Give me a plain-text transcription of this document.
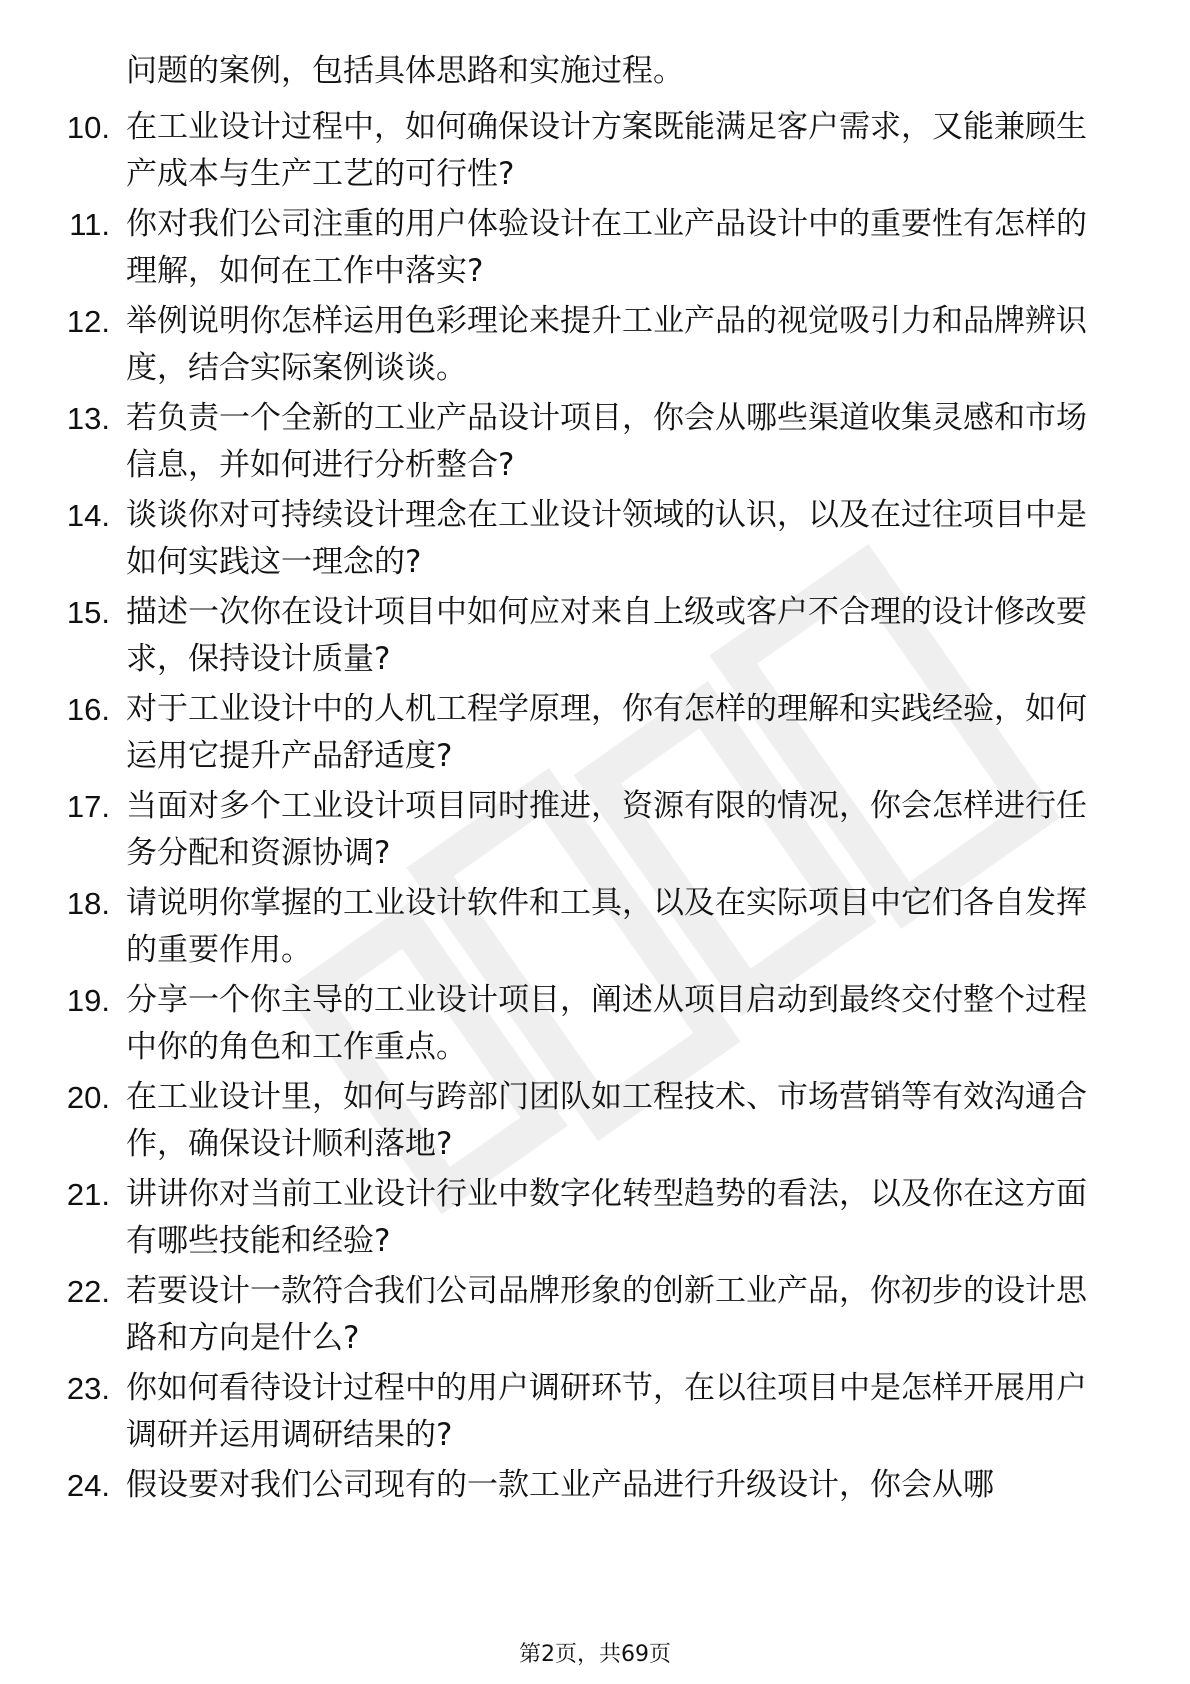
问题的案例，包括具体思路和实施过程。

10. 在工业设计过程中，如何确保设计方案既能满足客户需求，又能兼顾生产成本与生产工艺的可行性?

11. 你对我们公司注重的用户体验设计在工业产品设计中的重要性有怎样的理解，如何在工作中落实?

12. 举例说明你怎样运用色彩理论来提升工业产品的视觉吸引力和品牌辨识度，结合实际案例谈谈。

13. 若负责一个全新的工业产品设计项目，你会从哪些渠道收集灵感和市场信息，并如何进行分析整合?

14. 谈谈你对可持续设计理念在工业设计领域的认识，以及在过往项目中是如何实践这一理念的?

15. 描述一次你在设计项目中如何应对来自上级或客户不合理的设计修改要求，保持设计质量?

16. 对于工业设计中的人机工程学原理，你有怎样的理解和实践经验，如何运用它提升产品舒适度?

17. 当面对多个工业设计项目同时推进，资源有限的情况，你会怎样进行任务分配和资源协调?

18. 请说明你掌握的工业设计软件和工具，以及在实际项目中它们各自发挥的重要作用。

19. 分享一个你主导的工业设计项目，阐述从项目启动到最终交付整个过程中你的角色和工作重点。

20. 在工业设计里，如何与跨部门团队如工程技术、市场营销等有效沟通合作，确保设计顺利落地?

21. 讲讲你对当前工业设计行业中数字化转型趋势的看法，以及你在这方面有哪些技能和经验?

22. 若要设计一款符合我们公司品牌形象的创新工业产品，你初步的设计思路和方向是什么?

23. 你如何看待设计过程中的用户调研环节，在以往项目中是怎样开展用户调研并运用调研结果的?

24. 假设要对我们公司现有的一款工业产品进行升级设计，你会从哪

第2页，共69页
